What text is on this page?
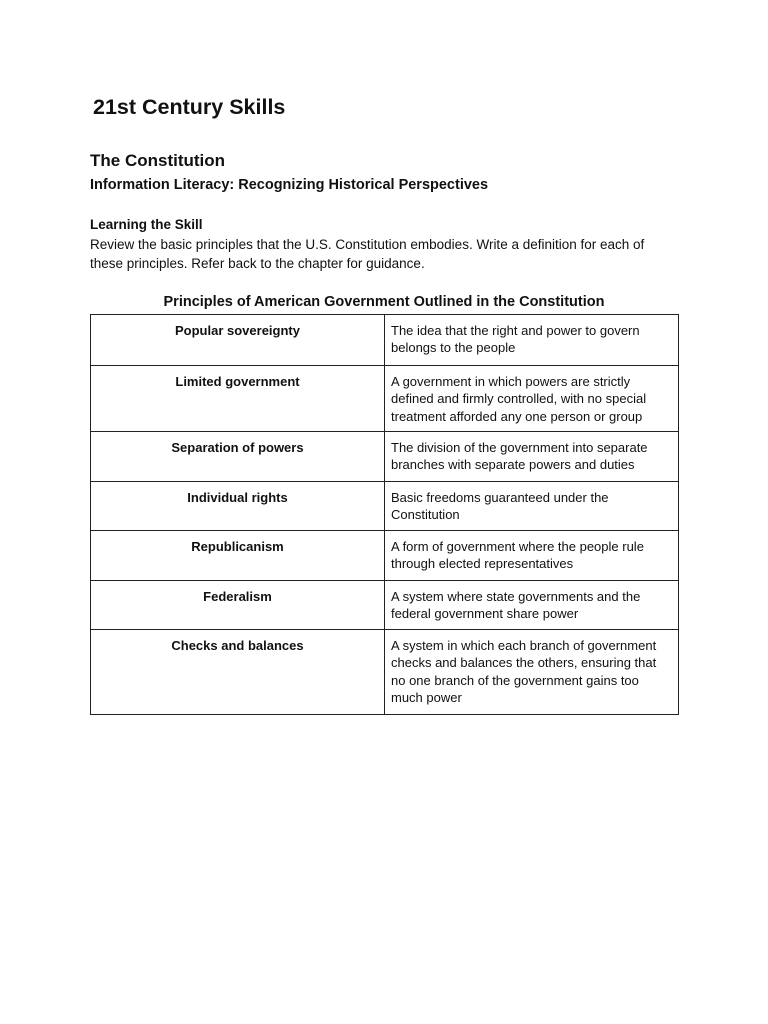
21st Century Skills
The Constitution
Information Literacy: Recognizing Historical Perspectives
Learning the Skill

Review the basic principles that the U.S. Constitution embodies. Write a definition for each of these principles. Refer back to the chapter for guidance.

Principles of American Government Outlined in the Constitution
Popular sovereignty	The idea that the right and power to govern belongs to the people
Limited government	A government in which powers are strictly defined and firmly controlled, with no special treatment afforded any one person or group
Separation of powers	The division of the government into separate branches with separate powers and duties
Individual rights	Basic freedoms guaranteed under the Constitution
Republicanism	A form of government where the people rule through elected representatives
Federalism	A system where state governments and the federal government share power
Checks and balances	A system in which each branch of government checks and balances the others, ensuring that no one branch of the government gains too much power
